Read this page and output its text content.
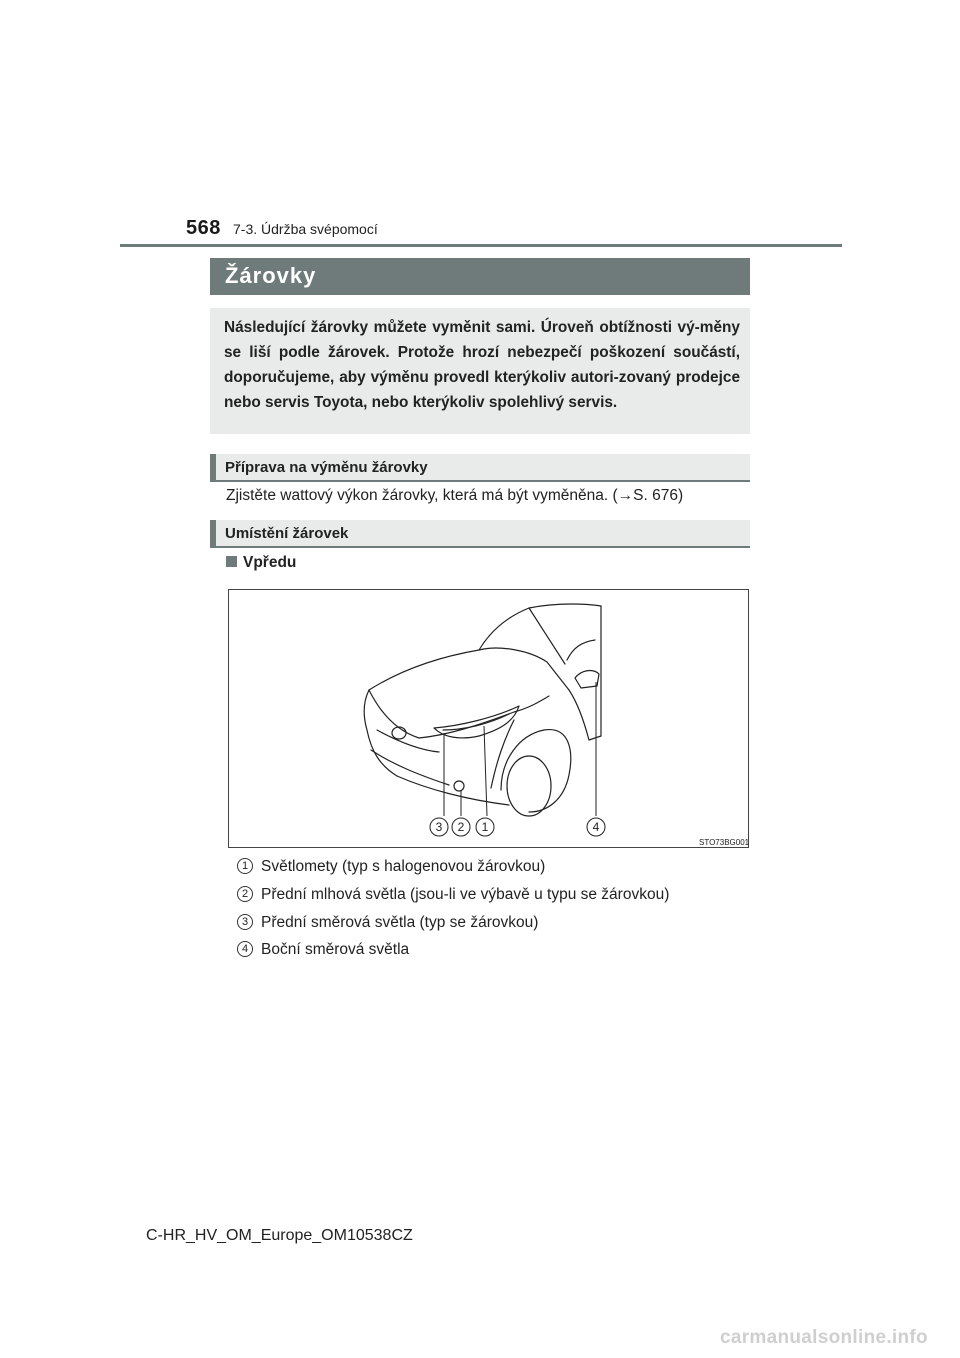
568 7-3. Údržba svépomocí
Žárovky
Následující žárovky můžete vyměnit sami. Úroveň obtížnosti vý-měny se liší podle žárovek. Protože hrozí nebezpečí poškození součástí, doporučujeme, aby výměnu provedl kterýkoliv autori-zovaný prodejce nebo servis Toyota, nebo kterýkoliv spolehlivý servis.
Příprava na výměnu žárovky
Zjistěte wattový výkon žárovky, která má být vyměněna. (→S. 676)
Umístění žárovek
Vpředu
3 2 1	4
STO73BG001
1 Světlomety (typ s halogenovou žárovkou)
2 Přední mlhová světla (jsou-li ve výbavě u typu se žárovkou)
3 Přední směrová světla (typ se žárovkou)
4 Boční směrová světla
C-HR_HV_OM_Europe_OM10538CZ
carmanualsonline.info
